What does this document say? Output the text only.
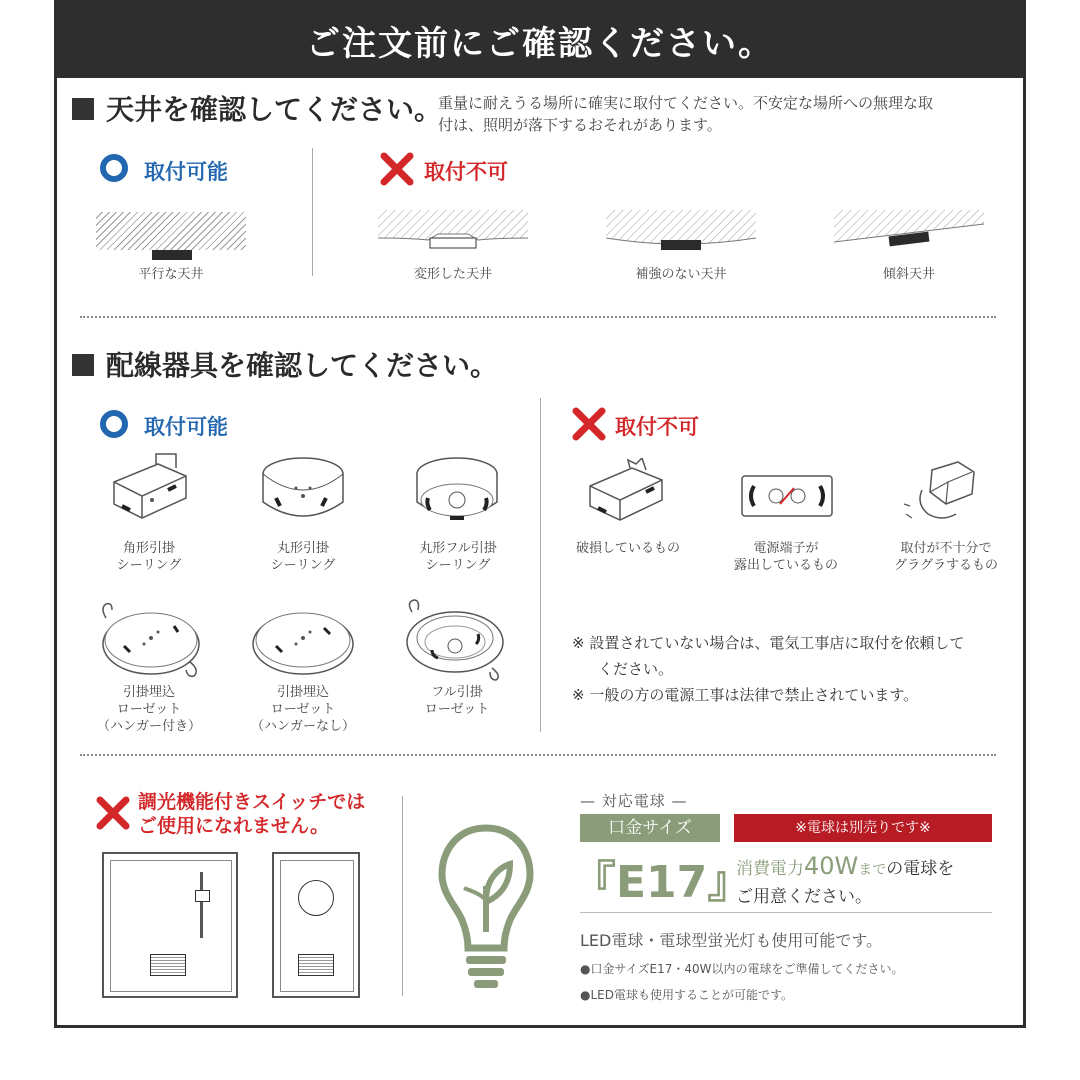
ご注文前にご確認ください。
天井を確認してください。
重量に耐えうる場所に確実に取付てください。不安定な場所への無理な取
付は、照明が落下するおそれがあります。
取付可能	取付不可
平行な天井	変形した天井	補強のない天井	傾斜天井
配線器具を確認してください。
取付可能	取付不可
角形引掛
シーリング
丸形引掛
シーリング
丸形フル引掛
シーリング
引掛埋込
ローゼット
（ハンガー付き）
引掛埋込
ローゼット
（ハンガーなし）
フル引掛
ローゼット
破損しているもの	電源端子が
露出しているもの
取付が不十分で
グラグラするもの
※ 設置されていない場合は、電気工事店に取付を依頼して
ください。
※ 一般の方の電源工事は法律で禁止されています。
調光機能付きスイッチでは
ご使用になれません。
— 対応電球 —
口金サイズ	※電球は別売りです※
『E17』
消費電力40Wまでの電球を
ご用意ください。
LED電球・電球型蛍光灯も使用可能です。
●口金サイズE17・40W以内の電球をご準備してください。
●LED電球も使用することが可能です。
